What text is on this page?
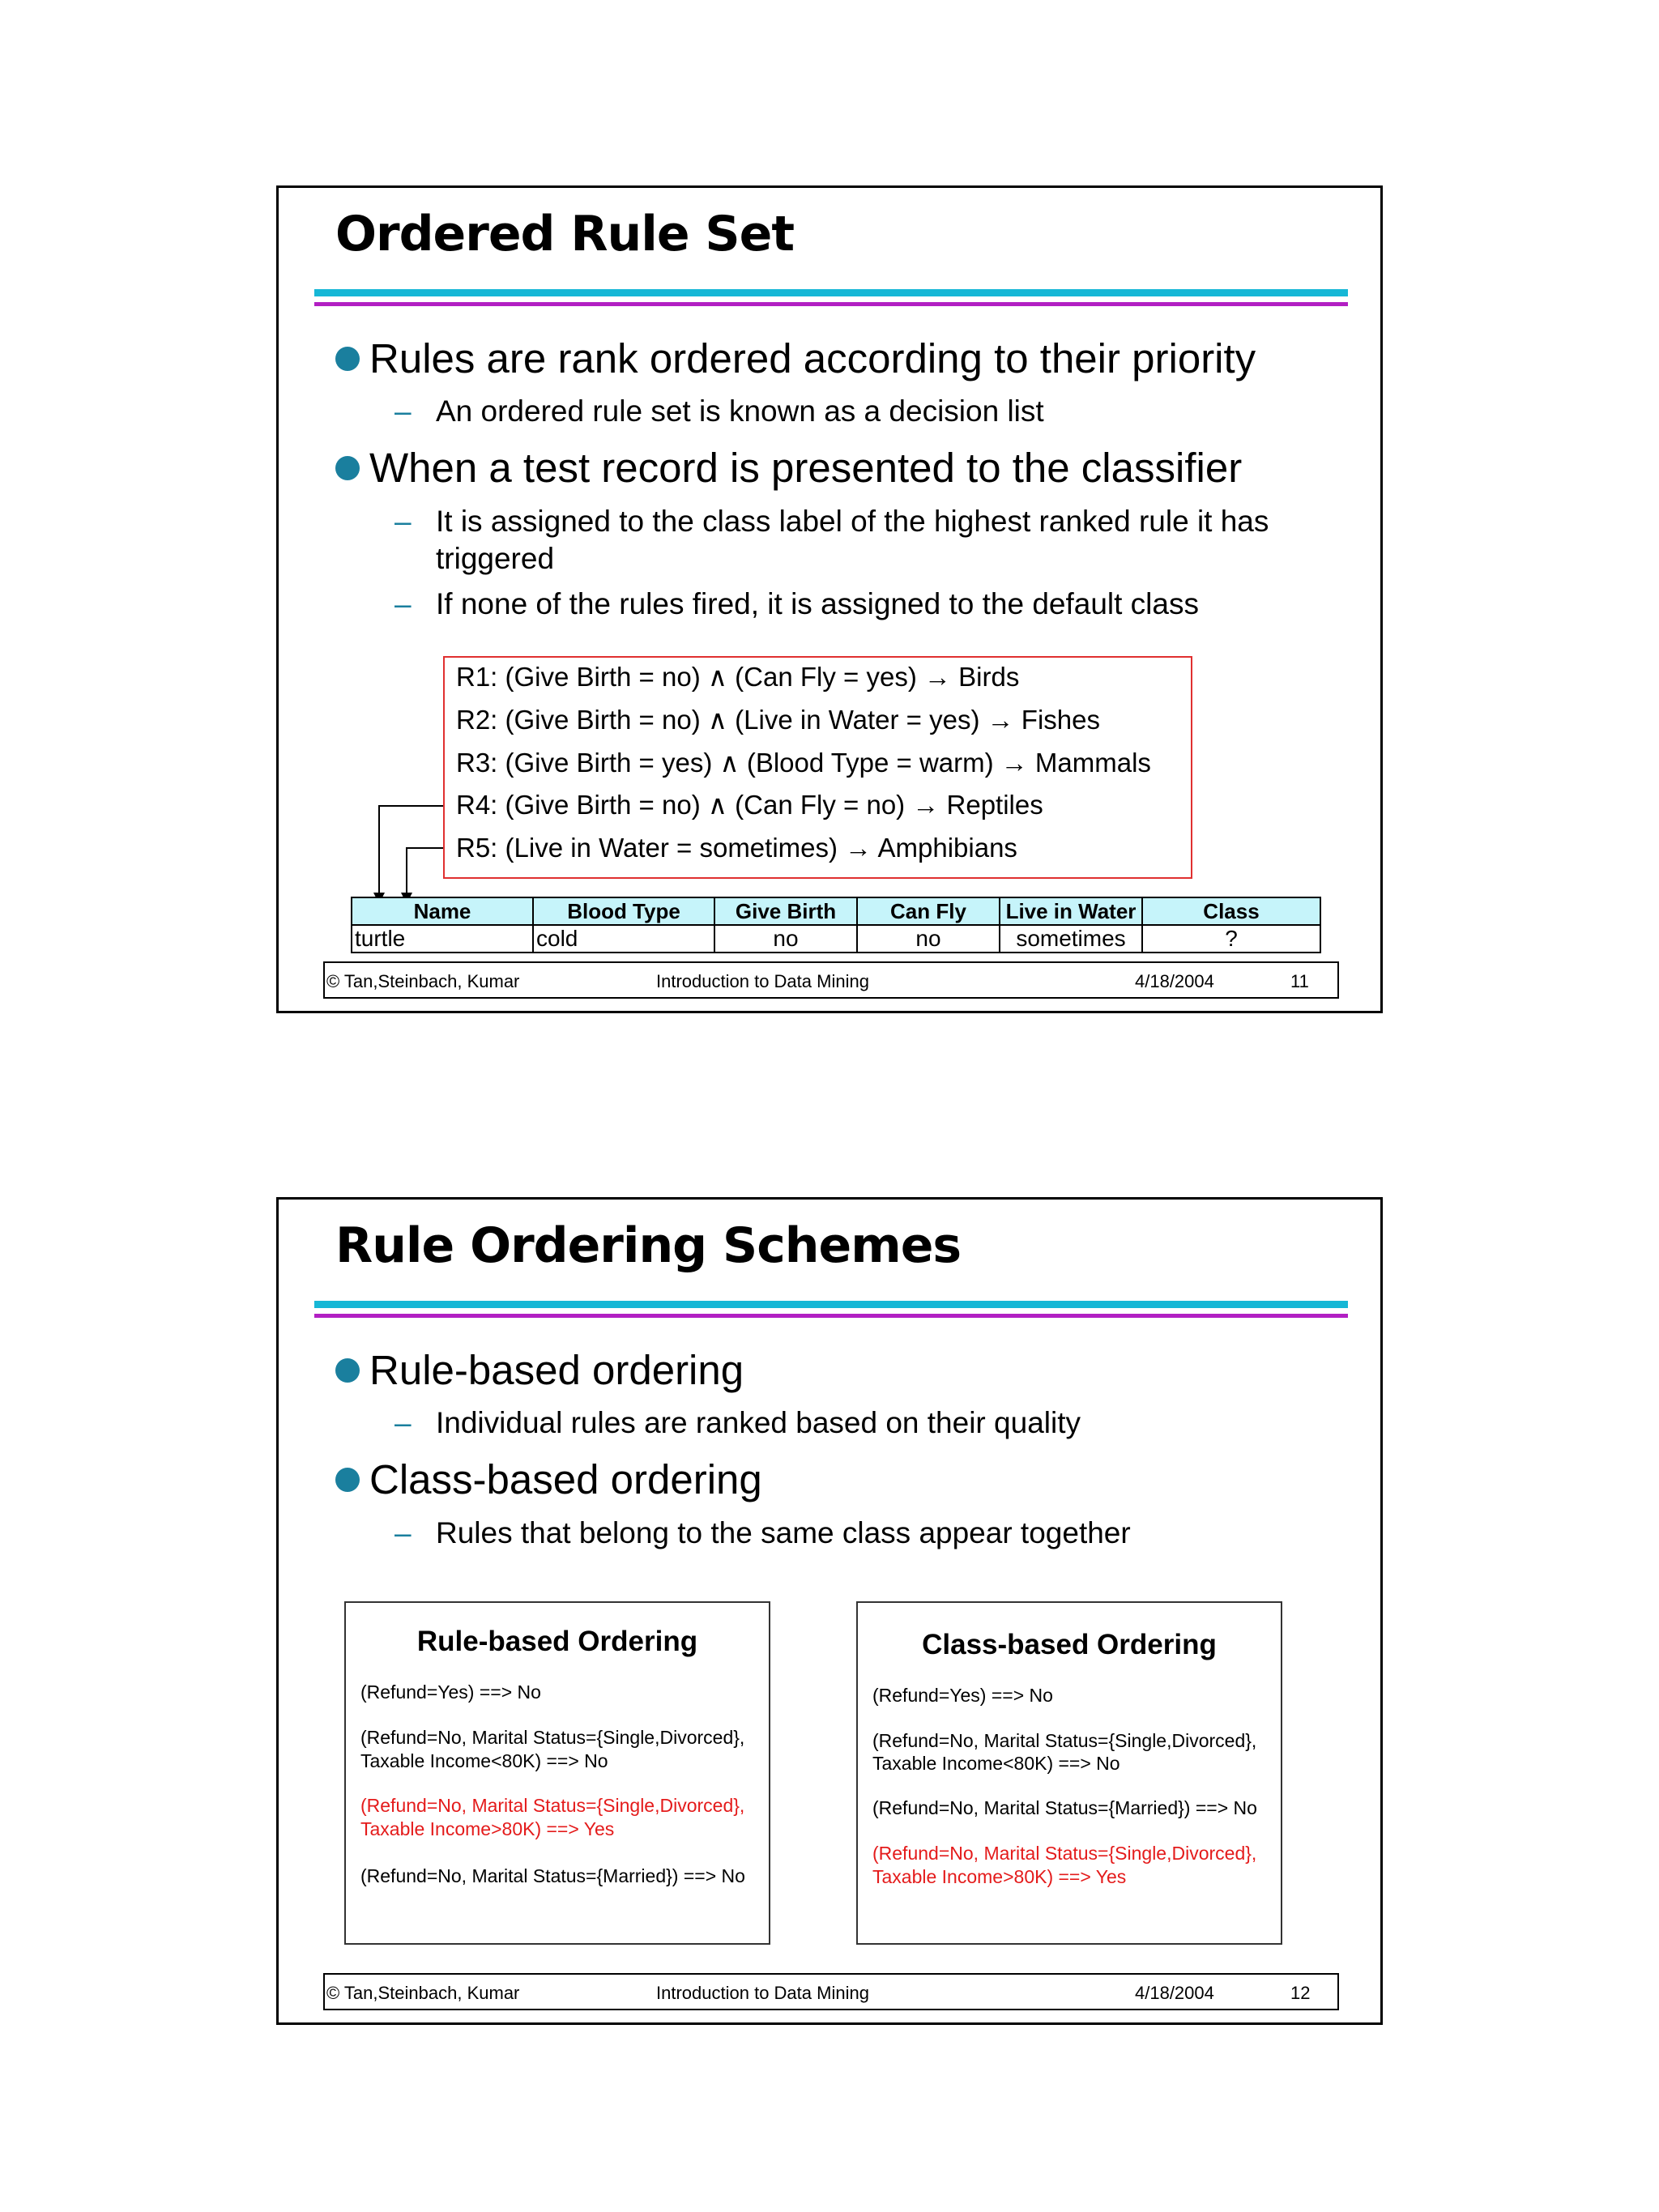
Ordered Rule Set
Rules are rank ordered according to their priority
– An ordered rule set is known as a decision list
When a test record is presented to the classifier
– It is assigned to the class label of the highest ranked rule it has
triggered
– If none of the rules fired, it is assigned to the default class
R1: (Give Birth = no) ∧ (Can Fly = yes) → Birds
R2: (Give Birth = no) ∧ (Live in Water = yes) → Fishes
R3: (Give Birth = yes) ∧ (Blood Type = warm) → Mammals
R4: (Give Birth = no) ∧ (Can Fly = no) → Reptiles
R5: (Live in Water = sometimes) → Amphibians
Name	Blood Type	Give Birth	Can Fly	Live in Water	Class
turtle	cold	no	no	sometimes	?
© Tan,Steinbach, Kumar	Introduction to Data Mining	4/18/2004	11
Rule Ordering Schemes
Rule-based ordering
– Individual rules are ranked based on their quality
Class-based ordering
– Rules that belong to the same class appear together
Rule-based Ordering
(Refund=Yes) ==> No
(Refund=No, Marital Status={Single,Divorced},
Taxable Income<80K) ==> No
(Refund=No, Marital Status={Single,Divorced},
Taxable Income>80K) ==> Yes
(Refund=No, Marital Status={Married}) ==> No
Class-based Ordering
(Refund=Yes) ==> No
(Refund=No, Marital Status={Single,Divorced},
Taxable Income<80K) ==> No
(Refund=No, Marital Status={Married}) ==> No
(Refund=No, Marital Status={Single,Divorced},
Taxable Income>80K) ==> Yes
© Tan,Steinbach, Kumar	Introduction to Data Mining	4/18/2004	12
